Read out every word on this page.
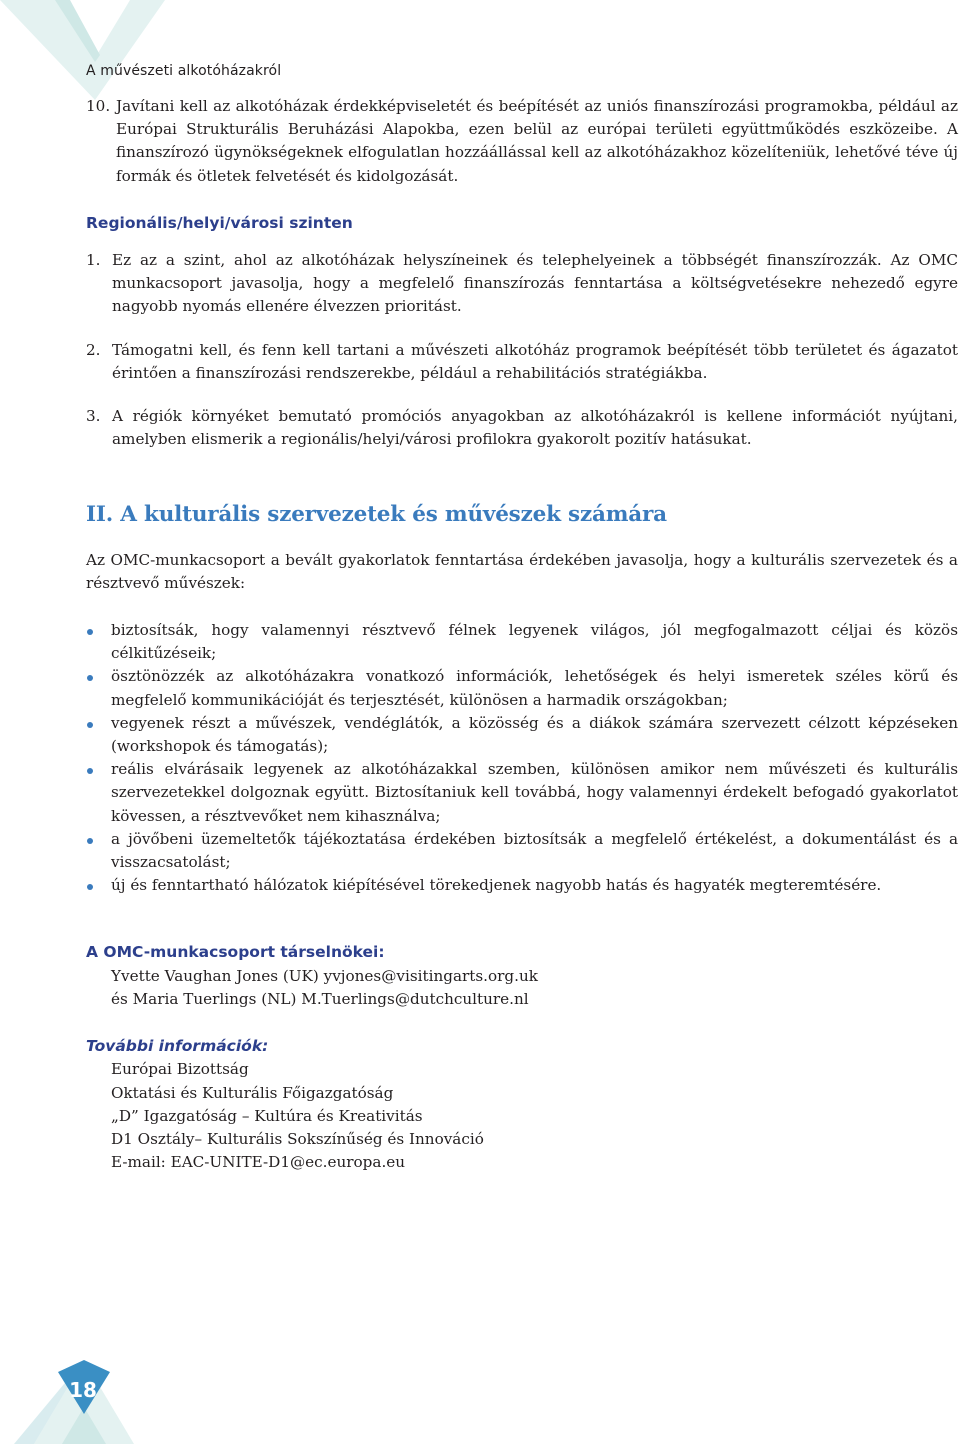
A művészeti alkotóházakról
10. Javítani kell az alkotóházak érdekképviseletét és beépítését az uniós finanszírozási programokba, például az Európai Strukturális Beruházási Alapokba, ezen belül az európai területi együttműködés eszközeibe. A finanszírozó ügynökségeknek elfogulatlan hozzáállással kell az alkotóházakhoz közelíteniük, lehetővé téve új formák és ötletek felvetését és kidolgozását.
Regionális/helyi/városi szinten
1. Ez az a szint, ahol az alkotóházak helyszíneinek és telephelyeinek a többségét finanszírozzák. Az OMC munkacsoport javasolja, hogy a megfelelő finanszírozás fenntartása a költségvetésekre nehezedő egyre nagyobb nyomás ellenére élvezzen prioritást.
2. Támogatni kell, és fenn kell tartani a művészeti alkotóház programok beépítését több területet és ágazatot érintően a finanszírozási rendszerekbe, például a rehabilitációs stratégiákba.
3. A régiók környéket bemutató promóciós anyagokban az alkotóházakról is kellene információt nyújtani, amelyben elismerik a regionális/helyi/városi profilokra gyakorolt pozitív hatásukat.
II. A kulturális szervezetek és művészek számára
Az OMC-munkacsoport a bevált gyakorlatok fenntartása érdekében javasolja, hogy a kulturális szervezetek és a résztvevő művészek:
biztosítsák, hogy valamennyi résztvevő félnek legyenek világos, jól megfogalmazott céljai és közös célkitűzéseik;
ösztönözzék az alkotóházakra vonatkozó információk, lehetőségek és helyi ismeretek széles körű és megfelelő kommunikációját és terjesztését, különösen a harmadik országokban;
vegyenek részt a művészek, vendéglátók, a közösség és a diákok számára szervezett célzott képzéseken (workshopok és támogatás);
reális elvárásaik legyenek az alkotóházakkal szemben, különösen amikor nem művészeti és kulturális szervezetekkel dolgoznak együtt. Biztosítaniuk kell továbbá, hogy valamennyi érdekelt befogadó gyakorlatot kövessen, a résztvevőket nem kihasználva;
a jövőbeni üzemeltetők tájékoztatása érdekében biztosítsák a megfelelő értékelést, a dokumentálást és a visszacsatolást;
új és fenntartható hálózatok kiépítésével törekedjenek nagyobb hatás és hagyaték megteremtésére.
A OMC-munkacsoport társelnökei:
Yvette Vaughan Jones (UK) yvjones@visitingarts.org.uk
és Maria Tuerlings (NL) M.Tuerlings@dutchculture.nl
További információk:
Európai Bizottság
Oktatási és Kulturális Főigazgatóság
„D” Igazgatóság – Kultúra és Kreativitás
D1 Osztály– Kulturális Sokszínűség és Innováció
E-mail: EAC-UNITE-D1@ec.europa.eu
18
